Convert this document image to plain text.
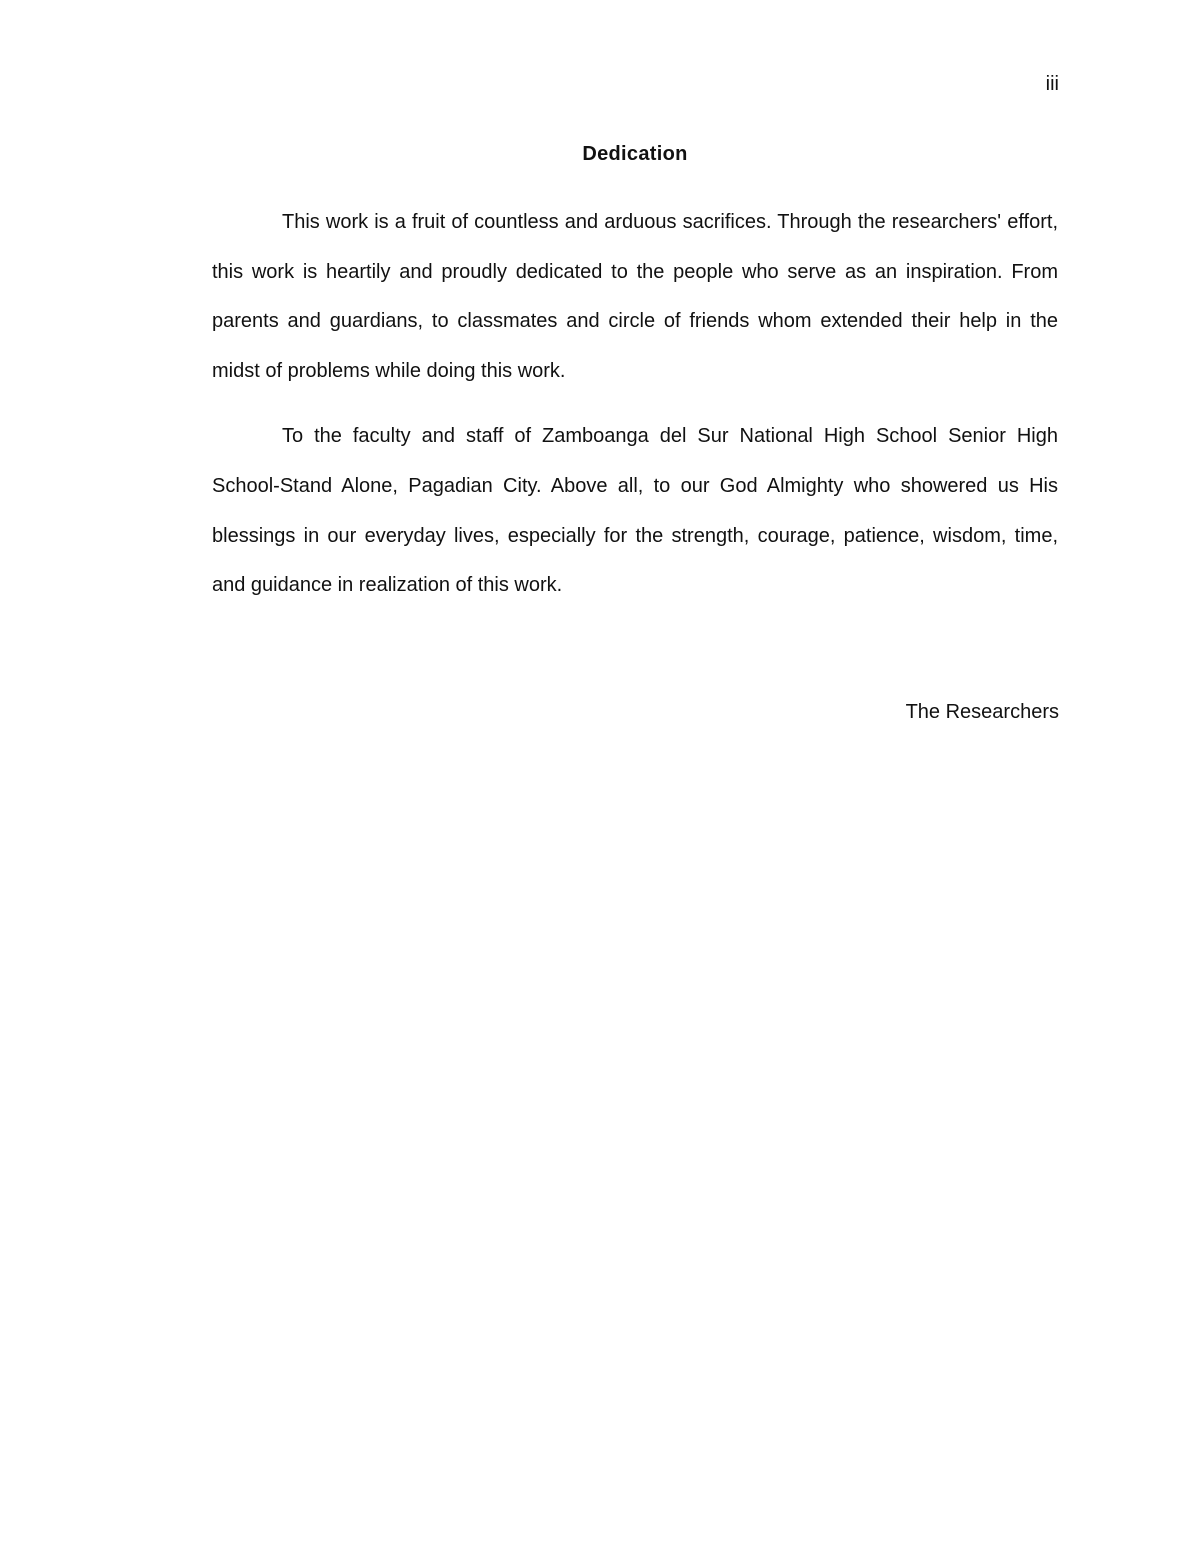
iii
Dedication

This work is a fruit of countless and arduous sacrifices. Through the researchers' effort, this work is heartily and proudly dedicated to the people who serve as an inspiration. From parents and guardians, to classmates and circle of friends whom extended their help in the midst of problems while doing this work.

To the faculty and staff of Zamboanga del Sur National High School Senior High School-Stand Alone, Pagadian City. Above all, to our God Almighty who showered us His blessings in our everyday lives, especially for the strength, courage, patience, wisdom, time, and guidance in realization of this work.

The Researchers
